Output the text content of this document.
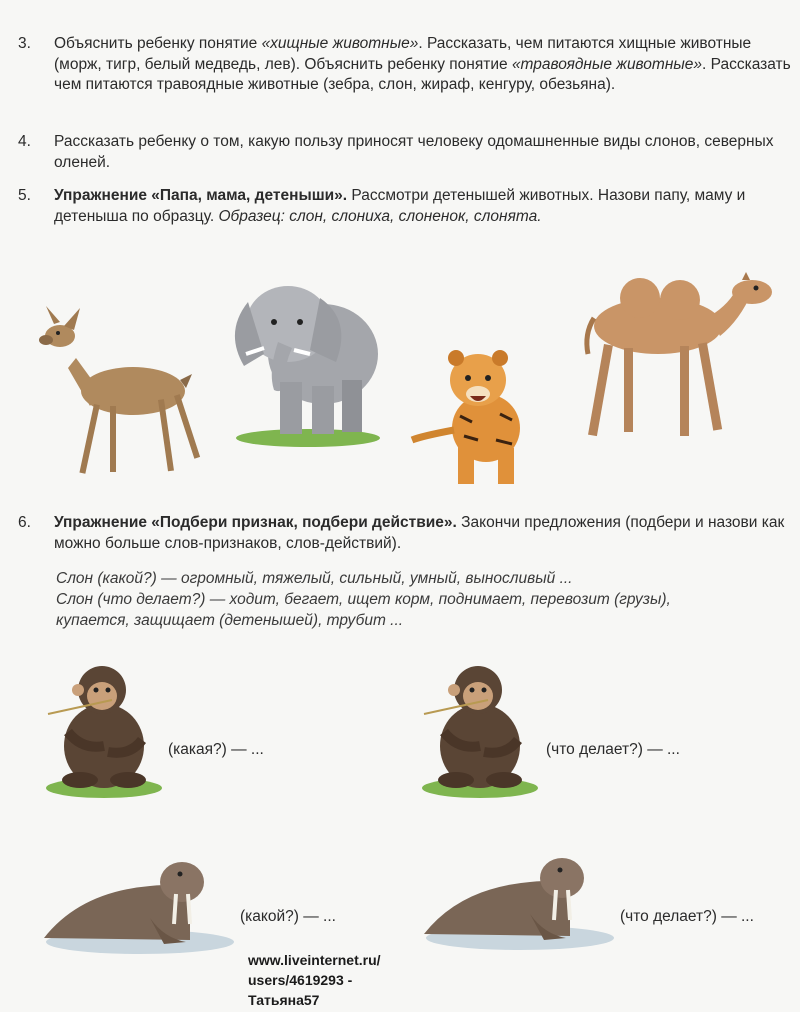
3. Объяснить ребенку понятие «хищные животные». Рассказать, чем питаются хищные животные (морж, тигр, белый медведь, лев). Объяснить ребенку понятие «травоядные животные». Рассказать чем питаются травоядные животные (зебра, слон, жираф, кенгуру, обезьяна).
4. Рассказать ребенку о том, какую пользу приносят человеку одомашненные виды слонов, северных оленей.
5. Упражнение «Папа, мама, детеныши». Рассмотри детенышей животных. Назови папу, маму и детеныша по образцу. Образец: слон, слониха, слоненок, слонята.
6. Упражнение «Подбери признак, подбери действие». Закончи предложения (подбери и назови как можно больше слов-признаков, слов-действий).
Слон (какой?) — огромный, тяжелый, сильный, умный, выносливый ...
Слон (что делает?) — ходит, бегает, ищет корм, поднимает, перевозит (грузы),
купается, защищает (детенышей), трубит ...
(какая?) — ...	(что делает?) — ...
(какой?) — ...	(что делает?) — ...
www.liveinternet.ru/
users/4619293 -
Татьяна57
